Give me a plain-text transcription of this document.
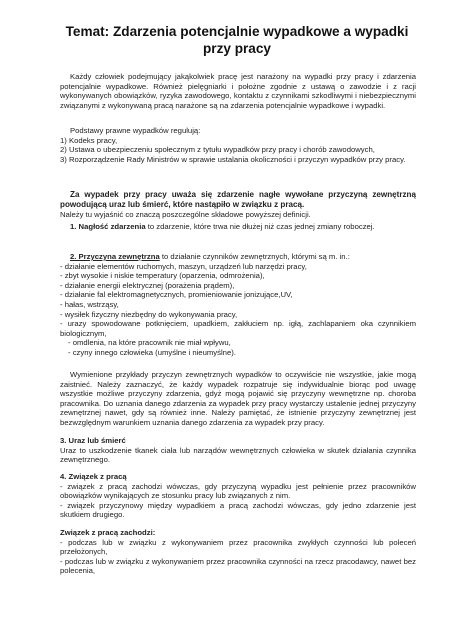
Temat: Zdarzenia potencjalnie wypadkowe a wypadki przy pracy
Każdy człowiek podejmujący jakąkolwiek pracę jest narażony na wypadki przy pracy i zdarzenia potencjalnie wypadkowe. Również pielęgniarki i położne zgodnie z ustawą o zawodzie i z racji wykonywanych obowiązków, ryzyka zawodowego, kontaktu z czynnikami szkodliwymi i niebezpiecznymi związanymi z wykonywaną pracą narażone są na zdarzenia potencjalnie wypadkowe i wypadki.
Podstawy prawne wypadków regulują:
1) Kodeks pracy,
2) Ustawa o ubezpieczeniu społecznym z tytułu wypadków przy pracy i chorób zawodowych,
3) Rozporządzenie Rady Ministrów w sprawie ustalania okoliczności i przyczyn wypadków przy pracy.
Za wypadek przy pracy uważa się zdarzenie nagłe wywołane przyczyną zewnętrzną powodującą uraz lub śmierć, które nastąpiło w związku z pracą.
Należy tu wyjaśnić co znaczą poszczególne składowe powyższej definicji.
1. Nagłość zdarzenia to zdarzenie, które trwa nie dłużej niż czas jednej zmiany roboczej.
2. Przyczyna zewnętrzna to działanie czynników zewnętrznych, którymi są m. in.:
- działanie elementów ruchomych, maszyn, urządzeń lub narzędzi pracy,
- zbyt wysokie i niskie temperatury (oparzenia, odmrożenia),
- działanie energii elektrycznej (porażenia prądem),
- działanie fal elektromagnetycznych, promieniowanie jonizujące,UV,
- hałas, wstrząsy,
- wysiłek fizyczny niezbędny do wykonywania pracy,
- urazy spowodowane potknięciem, upadkiem, zakłuciem np. igłą, zachlapaniem oka czynnikiem biologicznym,
- omdlenia, na które pracownik nie miał wpływu,
- czyny innego człowieka (umyślne i nieumyślne).
Wymienione przykłady przyczyn zewnętrznych wypadków to oczywiście nie wszystkie, jakie mogą zaistnieć. Należy zaznaczyć, że każdy wypadek rozpatruje się indywidualnie biorąc pod uwagę wszystkie możliwe przyczyny zdarzenia, gdyż mogą pojawić się przyczyny wewnętrzne np. choroba pracownika. Do uznania danego zdarzenia za wypadek przy pracy wystarczy ustalenie jednej przyczyny zewnętrznej nawet, gdy są również inne. Należy pamiętać, że istnienie przyczyny zewnętrznej jest bezwzględnym warunkiem uznania danego zdarzenia za wypadek przy pracy.
3. Uraz lub śmierć
Uraz to uszkodzenie tkanek ciała lub narządów wewnętrznych człowieka w skutek działania czynnika zewnętrznego.
4. Związek z pracą
- związek z pracą zachodzi wówczas, gdy przyczyną wypadku jest pełnienie przez pracowników obowiązków wynikających ze stosunku pracy lub związanych z nim.
- związek przyczynowy między wypadkiem a pracą zachodzi wówczas, gdy jedno zdarzenie jest skutkiem drugiego.
Związek z pracą zachodzi:
- podczas lub w związku z wykonywaniem przez pracownika zwykłych czynności lub poleceń przełożonych,
- podczas lub w związku z wykonywaniem przez pracownika czynności na rzecz pracodawcy, nawet bez polecenia,
